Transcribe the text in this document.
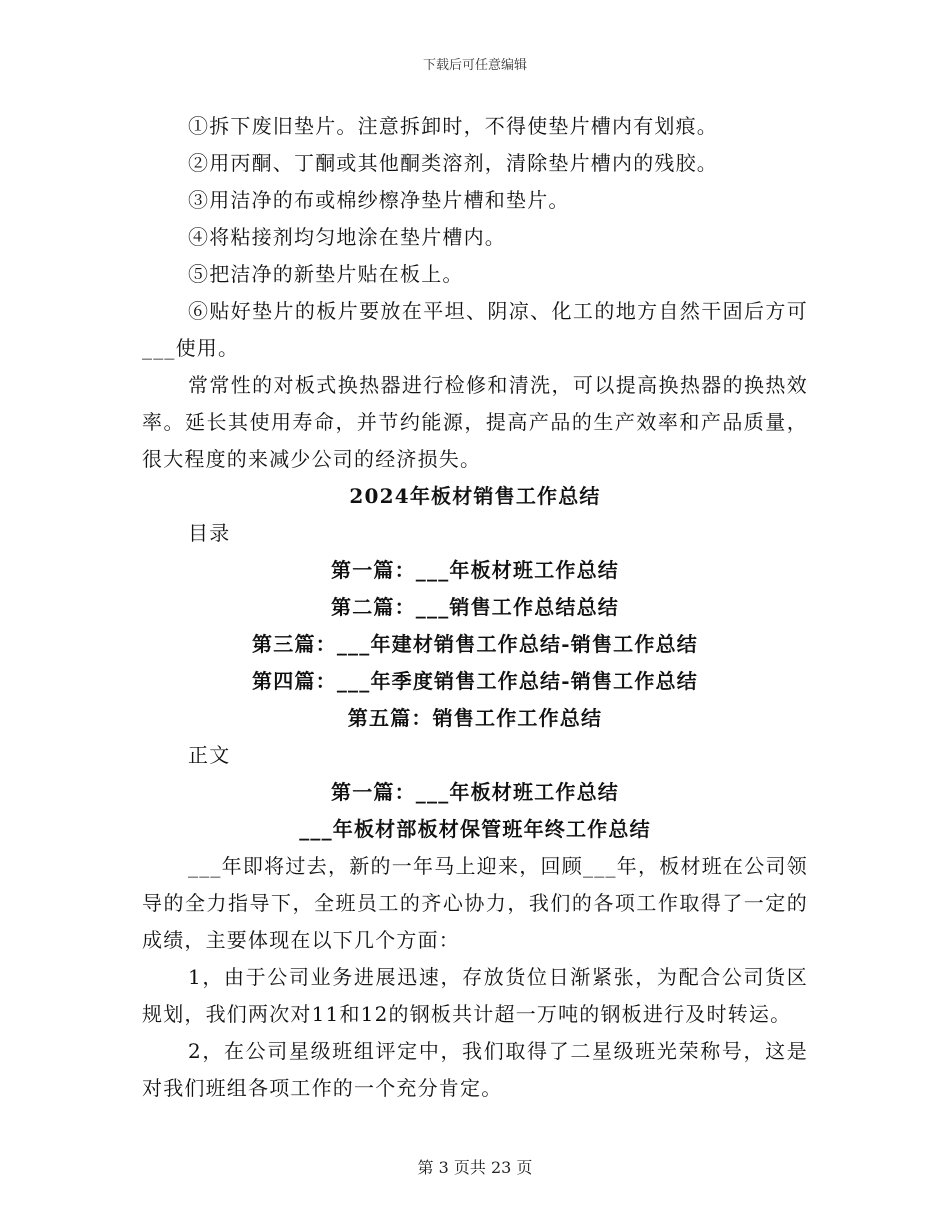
下载后可任意编辑

①拆下废旧垫片。注意拆卸时，不得使垫片槽内有划痕。

②用丙酮、丁酮或其他酮类溶剂，清除垫片槽内的残胶。

③用洁净的布或棉纱檫净垫片槽和垫片。

④将粘接剂均匀地涂在垫片槽内。

⑤把洁净的新垫片贴在板上。

⑥贴好垫片的板片要放在平坦、阴凉、化工的地方自然干固后方可___使用。

常常性的对板式换热器进行检修和清洗，可以提高换热器的换热效率。延长其使用寿命，并节约能源，提高产品的生产效率和产品质量，很大程度的来减少公司的经济损失。

2024年板材销售工作总结

目录

第一篇：___年板材班工作总结

第二篇：___销售工作总结总结

第三篇：___年建材销售工作总结-销售工作总结

第四篇：___年季度销售工作总结-销售工作总结

第五篇：销售工作工作总结

正文

第一篇：___年板材班工作总结

___年板材部板材保管班年终工作总结

___年即将过去，新的一年马上迎来，回顾___年，板材班在公司领导的全力指导下，全班员工的齐心协力，我们的各项工作取得了一定的成绩，主要体现在以下几个方面：

1，由于公司业务进展迅速，存放货位日渐紧张，为配合公司货区规划，我们两次对11和12的钢板共计超一万吨的钢板进行及时转运。

2，在公司星级班组评定中，我们取得了二星级班光荣称号，这是对我们班组各项工作的一个充分肯定。

第 3 页共 23 页
